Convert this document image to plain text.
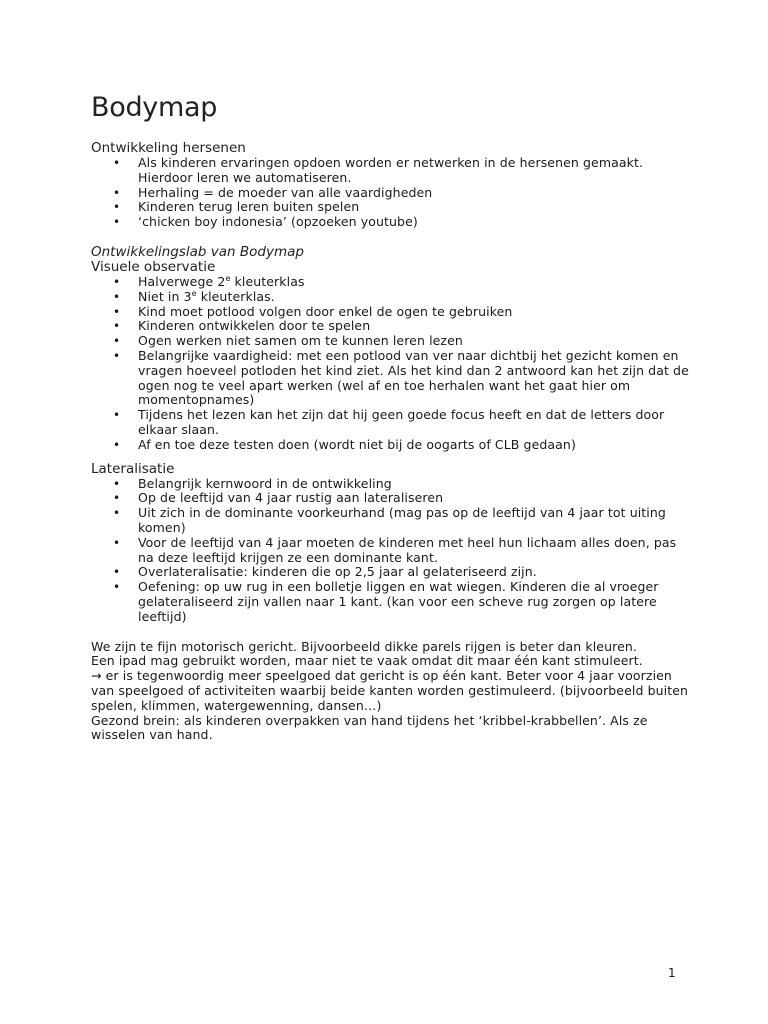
Bodymap
Ontwikkeling hersenen
• Als kinderen ervaringen opdoen worden er netwerken in de hersenen gemaakt. Hierdoor leren we automatiseren.
• Herhaling = de moeder van alle vaardigheden
• Kinderen terug leren buiten spelen
• ‘chicken boy indonesia’ (opzoeken youtube)
Ontwikkelingslab van Bodymap
Visuele observatie
• Halverwege 2e kleuterklas
• Niet in 3e kleuterklas.
• Kind moet potlood volgen door enkel de ogen te gebruiken
• Kinderen ontwikkelen door te spelen
• Ogen werken niet samen om te kunnen leren lezen
• Belangrijke vaardigheid: met een potlood van ver naar dichtbij het gezicht komen en vragen hoeveel potloden het kind ziet. Als het kind dan 2 antwoord kan het zijn dat de ogen nog te veel apart werken (wel af en toe herhalen want het gaat hier om momentopnames)
• Tijdens het lezen kan het zijn dat hij geen goede focus heeft en dat de letters door elkaar slaan.
• Af en toe deze testen doen (wordt niet bij de oogarts of CLB gedaan)
Lateralisatie
• Belangrijk kernwoord in de ontwikkeling
• Op de leeftijd van 4 jaar rustig aan lateraliseren
• Uit zich in de dominante voorkeurhand (mag pas op de leeftijd van 4 jaar tot uiting komen)
• Voor de leeftijd van 4 jaar moeten de kinderen met heel hun lichaam alles doen, pas na deze leeftijd krijgen ze een dominante kant.
• Overlateralisatie: kinderen die op 2,5 jaar al gelateriseerd zijn.
• Oefening: op uw rug in een bolletje liggen en wat wiegen. Kinderen die al vroeger gelateraliseerd zijn vallen naar 1 kant. (kan voor een scheve rug zorgen op latere leeftijd)

We zijn te fijn motorisch gericht. Bijvoorbeeld dikke parels rijgen is beter dan kleuren.

Een ipad mag gebruikt worden, maar niet te vaak omdat dit maar één kant stimuleert.

→ er is tegenwoordig meer speelgoed dat gericht is op één kant. Beter voor 4 jaar voorzien van speelgoed of activiteiten waarbij beide kanten worden gestimuleerd. (bijvoorbeeld buiten spelen, klimmen, watergewenning, dansen…)

Gezond brein: als kinderen overpakken van hand tijdens het ‘kribbel-krabbellen’. Als ze wisselen van hand.

1
